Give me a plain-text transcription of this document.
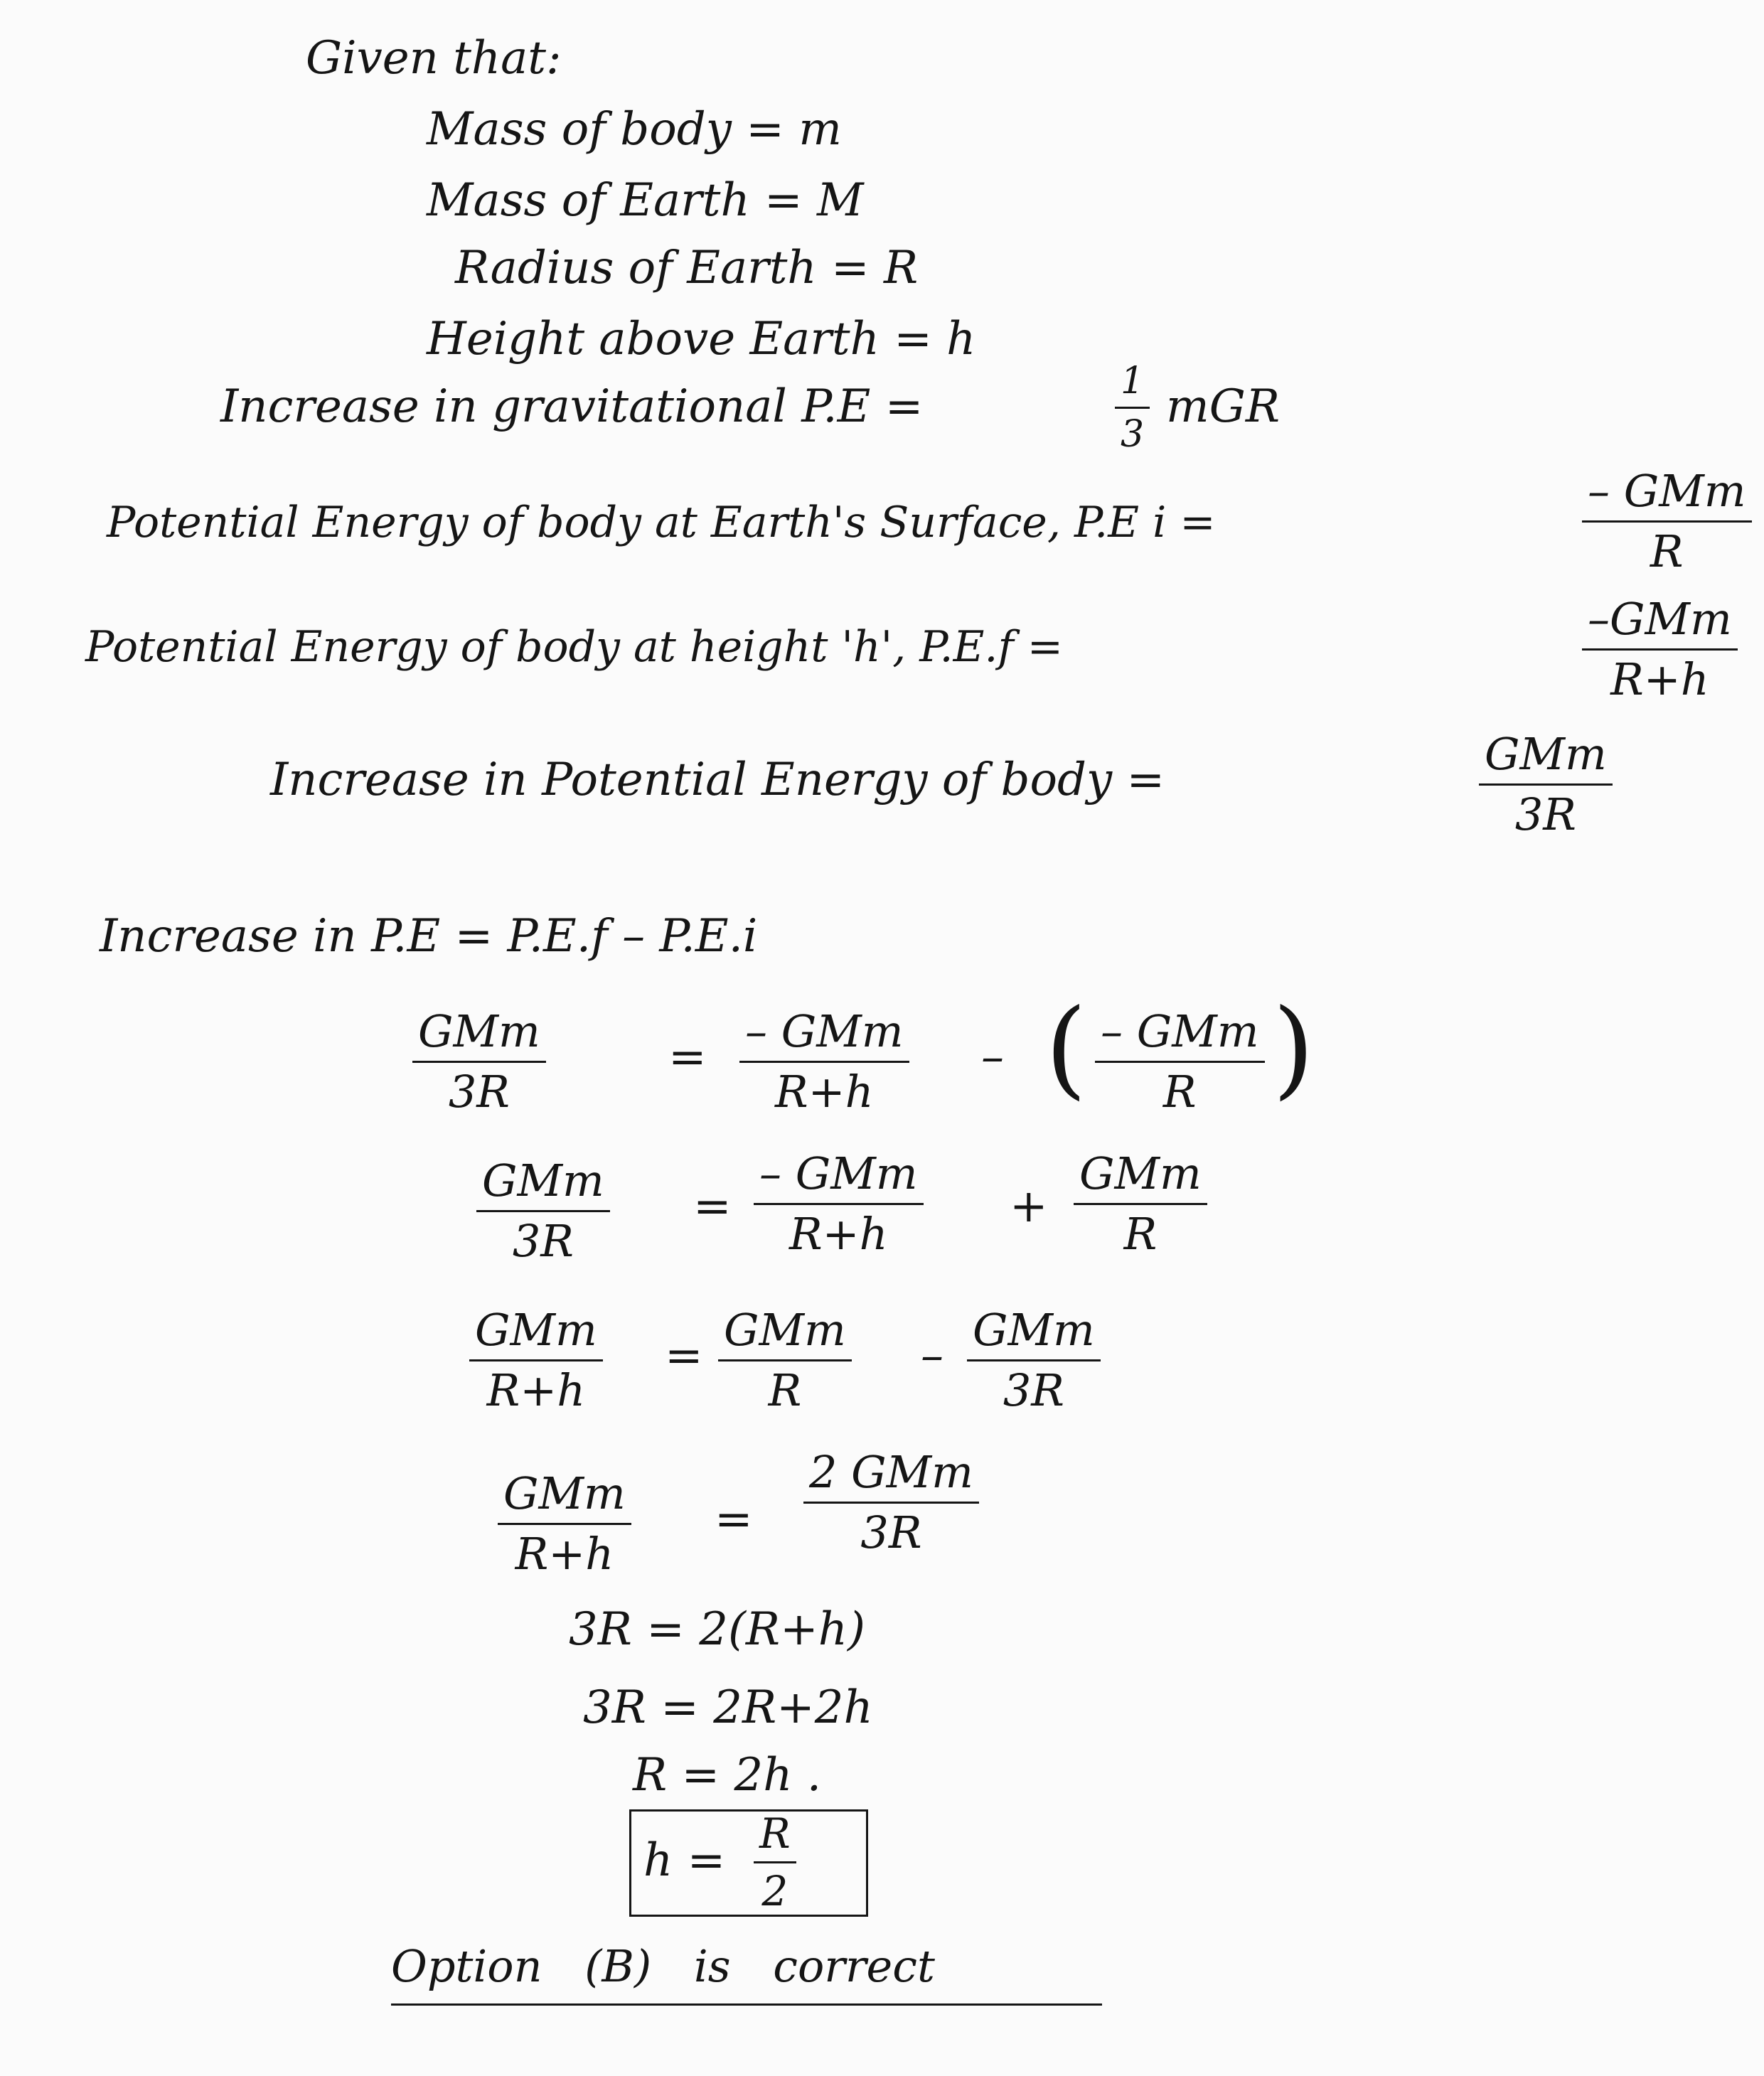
Given that:
Mass of body = m
Mass of Earth = M
Radius of Earth = R
Height above Earth = h
Increase in gravitational P.E =	$\frac{1}{3}$ mGR
Potential Energy of body at Earth's Surface, P.E i =
– GMm
R
Potential Energy of body at height 'h', P.E.f =
–GMm
R+h
Increase in Potential Energy of body =	GMm
3R
Increase in P.E = P.E.f – P.E.i
GMm
3R
= – GMm
R+h
– ( – GMm
R )
GMm
3R
=
– GMm
R+h
+
GMm
R
GMm
R+h
= GMm
R
– GMm
3R
GMm
R+h
=
2 GMm
3R
3R = 2(R+h)
3R = 2R+2h
R = 2h .
$h = \frac{R}{2}$
Option (B) is correct
